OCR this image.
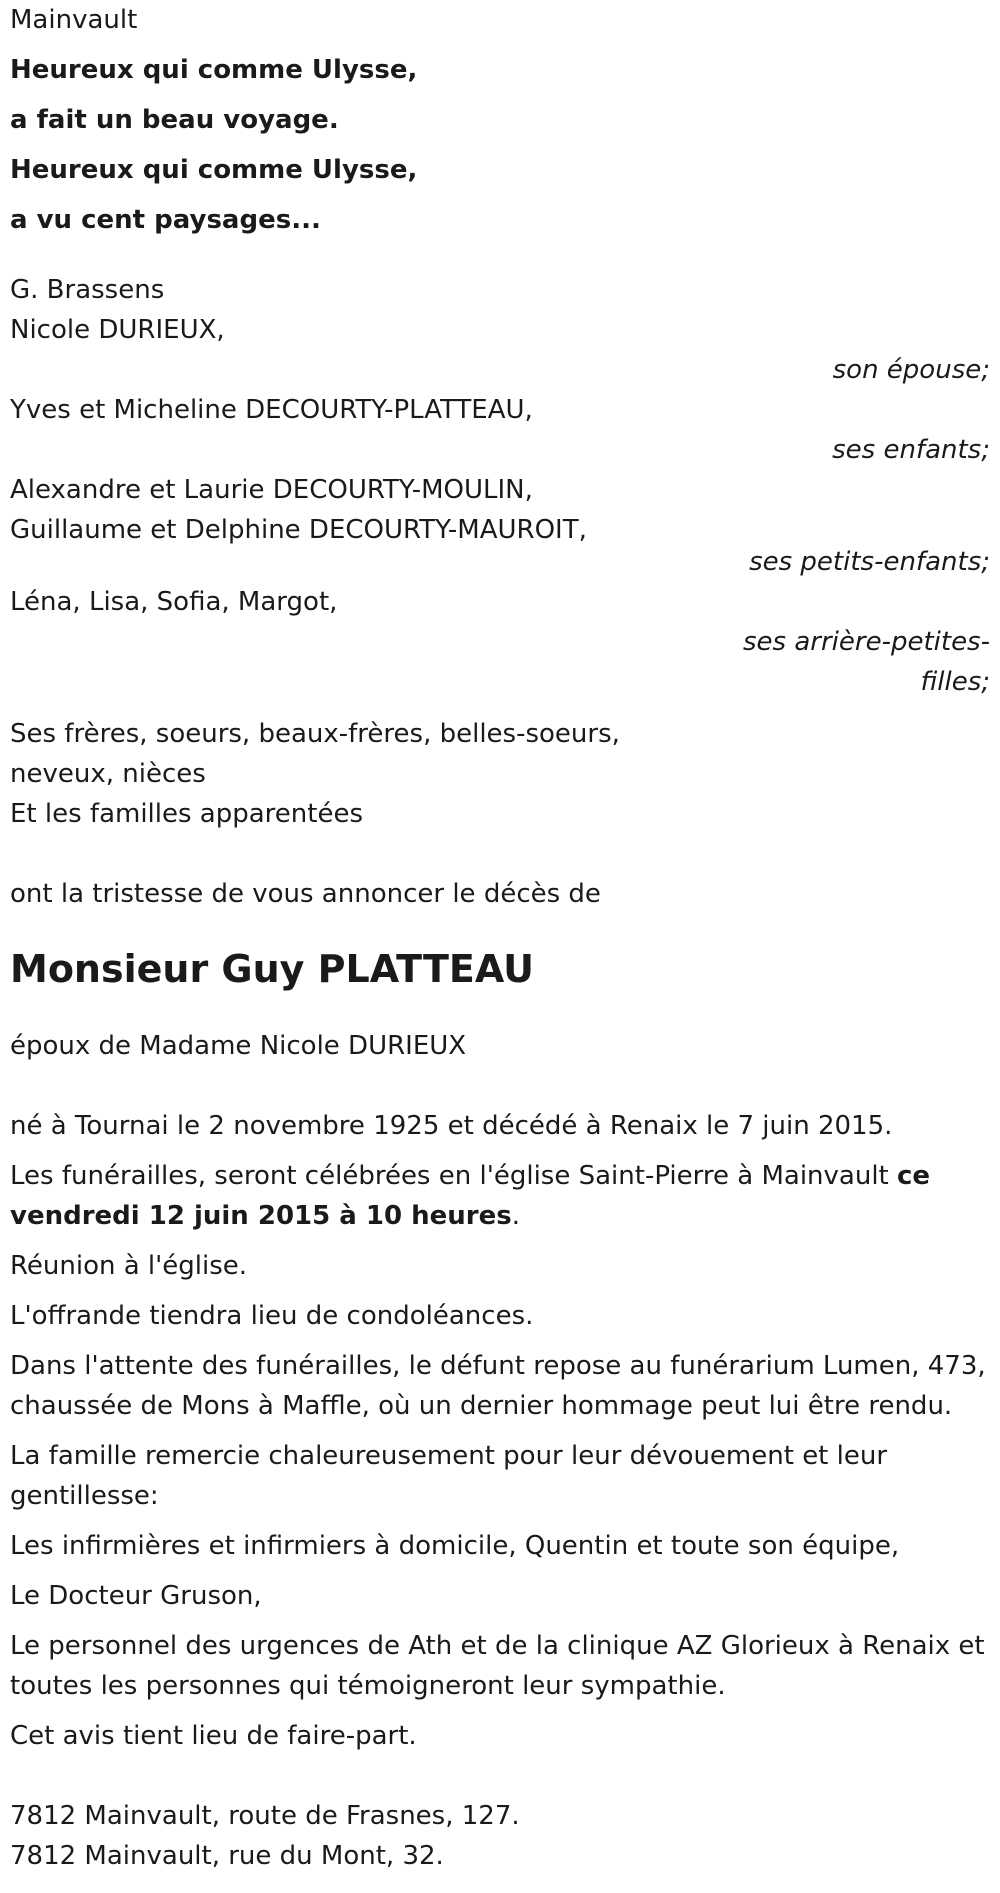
Mainvault
Heureux qui comme Ulysse,
a fait un beau voyage.
Heureux qui comme Ulysse,
a vu cent paysages...
G. Brassens
Nicole DURIEUX,
son épouse;
Yves et Micheline DECOURTY-PLATTEAU,
ses enfants;
Alexandre et Laurie DECOURTY-MOULIN,
Guillaume et Delphine DECOURTY-MAUROIT,
ses petits-enfants;
Léna, Lisa, Sofia, Margot,
ses arrière-petites-
filles;
Ses frères, soeurs, beaux-frères, belles-soeurs,
neveux, nièces
Et les familles apparentées
ont la tristesse de vous annoncer le décès de
Monsieur Guy PLATTEAU
époux de Madame Nicole DURIEUX
né à Tournai le 2 novembre 1925 et décédé à Renaix le 7 juin 2015.
Les funérailles, seront célébrées en l'église Saint-Pierre à Mainvault ce vendredi 12 juin 2015 à 10 heures.
Réunion à l'église.
L'offrande tiendra lieu de condoléances.
Dans l'attente des funérailles, le défunt repose au funérarium Lumen, 473, chaussée de Mons à Maffle, où un dernier hommage peut lui être rendu.
La famille remercie chaleureusement pour leur dévouement et leur gentillesse:
Les infirmières et infirmiers à domicile, Quentin et toute son équipe,
Le Docteur Gruson,
Le personnel des urgences de Ath et de la clinique AZ Glorieux à Renaix et toutes les personnes qui témoigneront leur sympathie.
Cet avis tient lieu de faire-part.
7812 Mainvault, route de Frasnes, 127.
7812 Mainvault, rue du Mont, 32.
